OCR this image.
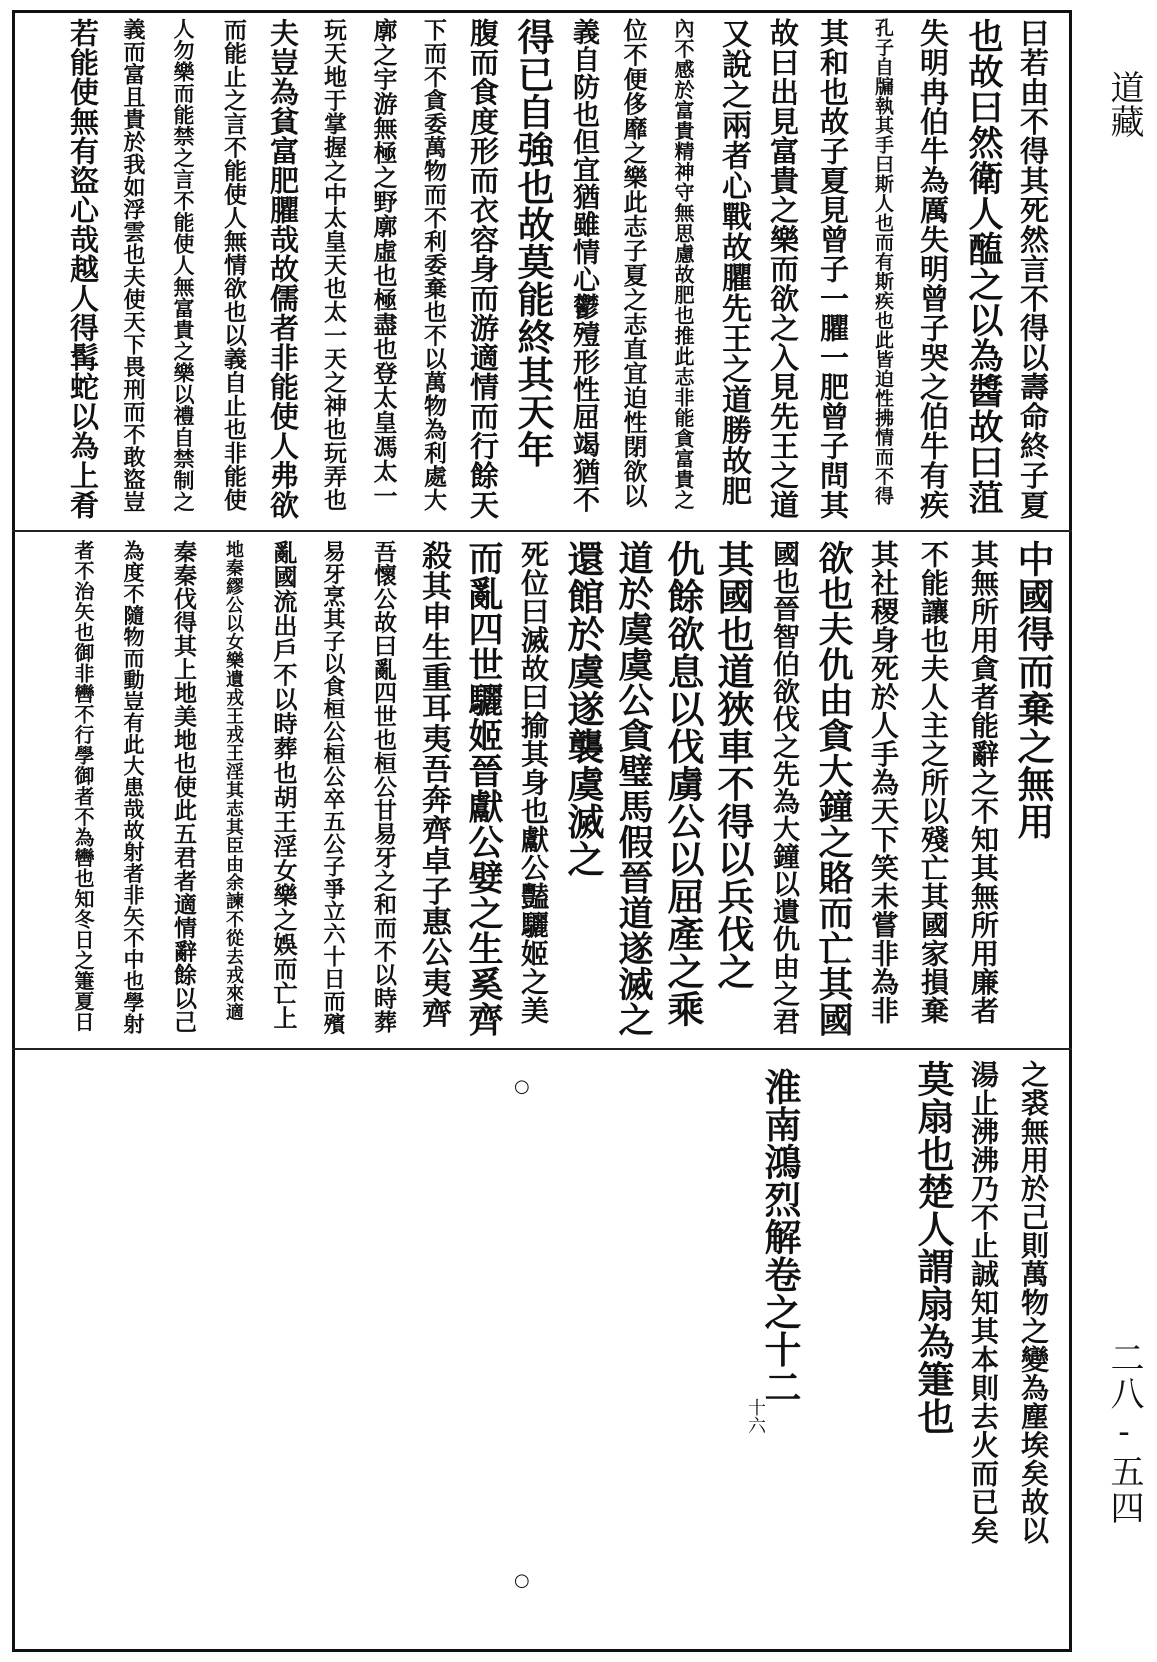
道藏
二八-五四
曰若由不得其死然言不得以壽命終子夏
也故曰然衛人醢之以為醬故曰菹
失明冉伯牛為厲失明曾子哭之伯牛有疾
孔子自牖執其手曰斯人也而有斯疾也此皆迫性拂情而不得
其和也故子夏見曾子一臞一肥曾子問其
故曰出見富貴之樂而欲之入見先王之道
又說之兩者心戰故臞先王之道勝故肥
內不感於富貴精神守無思慮故肥也推此志非能貪富貴之
位不便侈靡之樂此志子夏之志直宜迫性閉欲以
義自防也但宜猶雖情心鬱殪形性屈竭猶不
得已自強也故莫能終其天年
腹而食度形而衣容身而游適情而行餘天
下而不貪委萬物而不利委棄也不以萬物為利處大
廓之宇游無極之野廓虛也極盡也登太皇馮太一
玩天地于掌握之中太皇天也太一天之神也玩弄也
夫豈為貧富肥臞哉故儒者非能使人弗欲
而能止之言不能使人無情欲也以義自止也非能使
人勿樂而能禁之言不能使人無富貴之樂以禮自禁制之
義而富且貴於我如浮雲也夫使天下畏刑而不敢盜豈
若能使無有盜心哉越人得髯蛇以為上肴
中國得而棄之無用
其無所用貪者能辭之不知其無所用廉者
不能讓也夫人主之所以殘亡其國家損棄
其社稷身死於人手為天下笑未嘗非為非
欲也夫仇由貪大鐘之賂而亡其國
國也晉智伯欲伐之先為大鐘以遺仇由之君
其國也道狹車不得以兵伐之
仇餘欲息以伐虜公以屈產之乘
道於虞虞公貪璧馬假晉道遂滅之
還館於虞遂襲虞滅之
死位曰滅故曰揄其身也獻公豔驪姬之美
而亂四世驪姬晉獻公嬖之生奚齊
殺其申生重耳夷吾奔齊卓子惠公夷齊
吾懷公故曰亂四世也桓公甘易牙之和而不以時葬
易牙烹其子以食桓公桓公卒五公子爭立六十日而殯
亂國流出戶不以時葬也胡王淫女樂之娛而亡上
地秦繆公以女樂遺戎王戎王淫其志其臣由余諫不從去戎來適
秦秦伐得其上地美地也使此五君者適情辭餘以己
為度不隨物而動豈有此大患哉故射者非矢不中也學射
者不治矢也御非轡不行學御者不為轡也知冬日之箑夏日
之裘無用於己則萬物之變為塵埃矣故以
湯止沸沸乃不止誠知其本則去火而已矣
莫扇也楚人謂扇為箑也
淮南鴻烈解卷之十二
十六
○
○
